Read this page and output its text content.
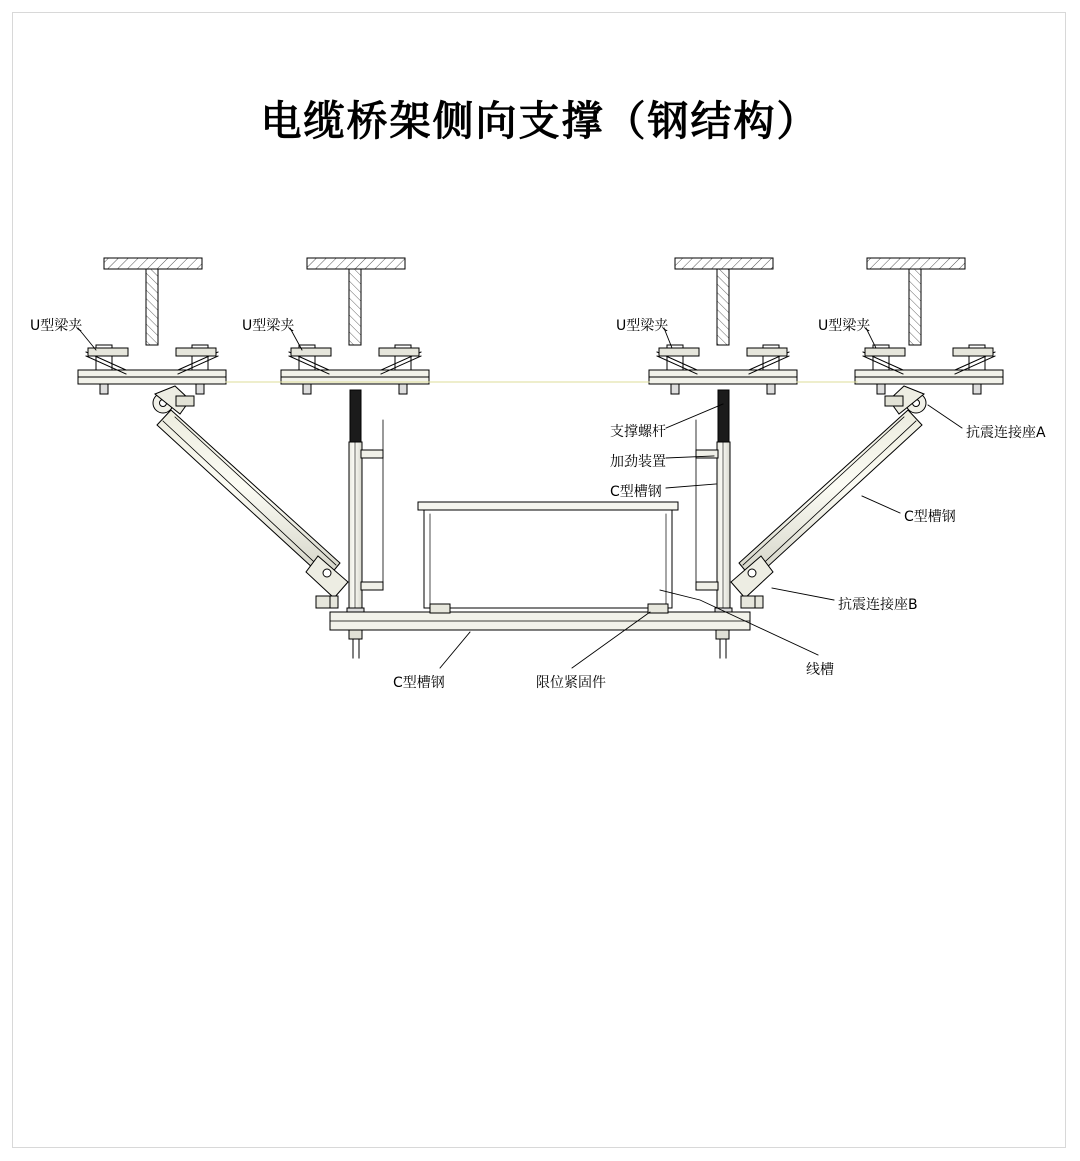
电缆桥架侧向支撑（钢结构）
U型梁夹	U型梁夹	U型梁夹	U型梁夹
支撑螺杆
加劲装置
C型槽钢
抗震连接座A
C型槽钢
抗震连接座B
线槽
C型槽钢	限位紧固件
